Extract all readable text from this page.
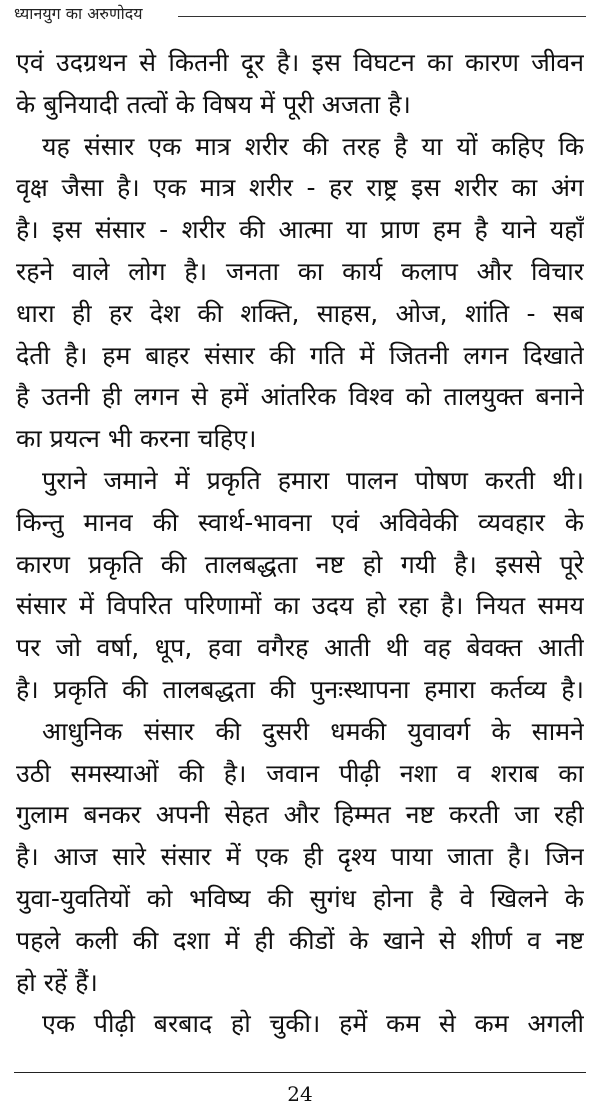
ध्यानयुग का अरुणोदय
एवं उदग्रथन से कितनी दूर है। इस विघटन का कारण जीवन
के बुनियादी तत्वों के विषय में पूरी अजता है।
यह संसार एक मात्र शरीर की तरह है या यों कहिए कि
वृक्ष जैसा है। एक मात्र शरीर - हर राष्ट्र इस शरीर का अंग
है। इस संसार - शरीर की आत्मा या प्राण हम है याने यहाँ
रहने वाले लोग है। जनता का कार्य कलाप और विचार
धारा ही हर देश की शक्ति, साहस, ओज, शांति - सब
देती है। हम बाहर संसार की गति में जितनी लगन दिखाते
है उतनी ही लगन से हमें आंतरिक विश्व को तालयुक्त बनाने
का प्रयत्न भी करना चहिए।
पुराने जमाने में प्रकृति हमारा पालन पोषण करती थी।
किन्तु मानव की स्वार्थ-भावना एवं अविवेकी व्यवहार के
कारण प्रकृति की तालबद्धता नष्ट हो गयी है। इससे पूरे
संसार में विपरित परिणामों का उदय हो रहा है। नियत समय
पर जो वर्षा, धूप, हवा वगैरह आती थी वह बेवक्त आती
है। प्रकृति की तालबद्धता की पुनःस्थापना हमारा कर्तव्य है।
आधुनिक संसार की दुसरी धमकी युवावर्ग के सामने
उठी समस्याओं की है। जवान पीढ़ी नशा व शराब का
गुलाम बनकर अपनी सेहत और हिम्मत नष्ट करती जा रही
है। आज सारे संसार में एक ही दृश्य पाया जाता है। जिन
युवा-युवतियों को भविष्य की सुगंध होना है वे खिलने के
पहले कली की दशा में ही कीडों के खाने से शीर्ण व नष्ट
हो रहें हैं।
एक पीढ़ी बरबाद हो चुकी। हमें कम से कम अगली
24
